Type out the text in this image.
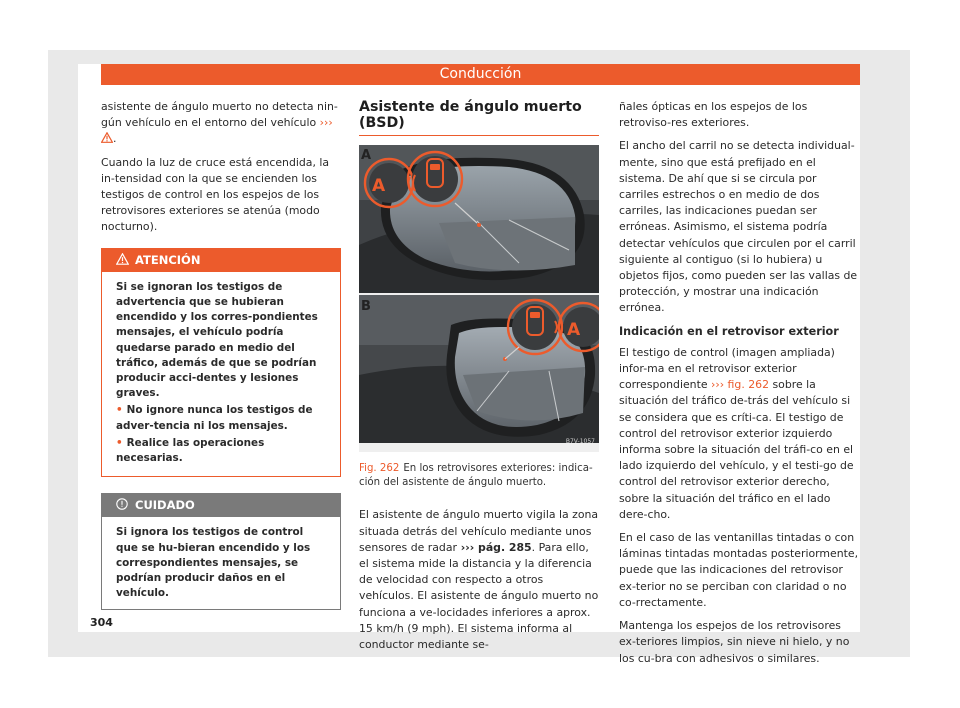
Conducción

asistente de ángulo muerto no detecta nin-gún vehículo en el entorno del vehículo ››› .

Cuando la luz de cruce está encendida, la in-tensidad con la que se encienden los testigos de control en los espejos de los retrovisores exteriores se atenúa (modo nocturno).

ATENCIÓN

Si se ignoran los testigos de advertencia que se hubieran encendido y los corres-pondientes mensajes, el vehículo podría quedarse parado en medio del tráfico, además de que se podrían producir acci-dentes y lesiones graves.

• No ignore nunca los testigos de adver-tencia ni los mensajes.

• Realice las operaciones necesarias.

CUIDADO
Si ignora los testigos de control que se hu-bieran encendido y los correspondientes mensajes, se podrían producir daños en el vehículo.
Asistente de ángulo muerto (BSD)
A
A
A
B
B7V-1057
Fig. 262 En los retrovisores exteriores: indica-ción del asistente de ángulo muerto.

El asistente de ángulo muerto vigila la zona situada detrás del vehículo mediante unos sensores de radar ››› pág. 285. Para ello, el sistema mide la distancia y la diferencia de velocidad con respecto a otros vehículos. El asistente de ángulo muerto no funciona a ve-locidades inferiores a aprox. 15 km/h (9 mph). El sistema informa al conductor mediante se-

ñales ópticas en los espejos de los retroviso-res exteriores.

El ancho del carril no se detecta individual-mente, sino que está prefijado en el sistema. De ahí que si se circula por carriles estrechos o en medio de dos carriles, las indicaciones puedan ser erróneas. Asimismo, el sistema podría detectar vehículos que circulen por el carril siguiente al contiguo (si lo hubiera) u objetos fijos, como pueden ser las vallas de protección, y mostrar una indicación errónea.

Indicación en el retrovisor exterior

El testigo de control (imagen ampliada) infor-ma en el retrovisor exterior correspondiente ››› fig. 262 sobre la situación del tráfico de-trás del vehículo si se considera que es críti-ca. El testigo de control del retrovisor exterior izquierdo informa sobre la situación del tráfi-co en el lado izquierdo del vehículo, y el testi-go de control del retrovisor exterior derecho, sobre la situación del tráfico en el lado dere-cho.

En el caso de las ventanillas tintadas o con láminas tintadas montadas posteriormente, puede que las indicaciones del retrovisor ex-terior no se perciban con claridad o no co-rrectamente.

Mantenga los espejos de los retrovisores ex-teriores limpios, sin nieve ni hielo, y no los cu-bra con adhesivos o similares.

304
